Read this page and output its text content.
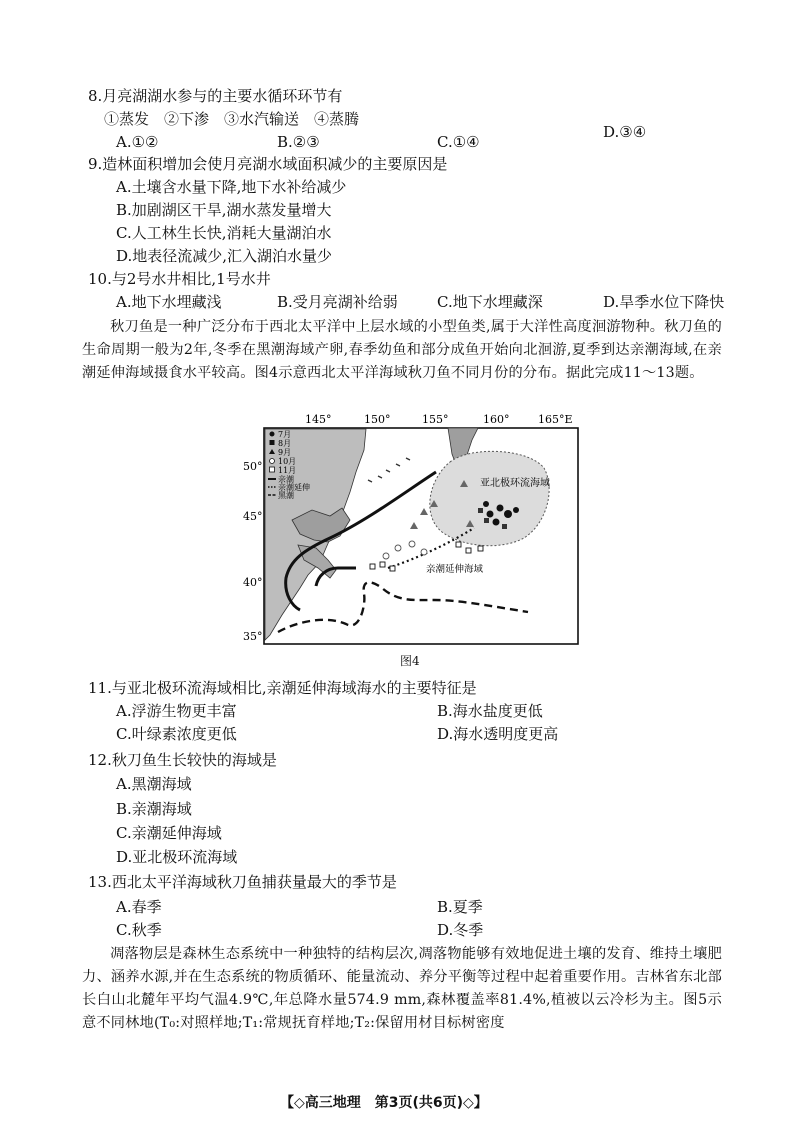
8.月亮湖湖水参与的主要水循环环节有
①蒸发　②下渗　③水汽输送　④蒸腾
A.①②	B.②③	C.①④
D.③④
9.造林面积增加会使月亮湖水域面积减少的主要原因是
A.土壤含水量下降,地下水补给减少
B.加剧湖区干旱,湖水蒸发量增大
C.人工林生长快,消耗大量湖泊水
D.地表径流减少,汇入湖泊水量少
10.与2号水井相比,1号水井
A.地下水埋藏浅	B.受月亮湖补给弱	C.地下水埋藏深	D.旱季水位下降快
秋刀鱼是一种广泛分布于西北太平洋中上层水域的小型鱼类,属于大洋性高度洄游物种。秋刀鱼的生命周期一般为2年,冬季在黑潮海域产卵,春季幼鱼和部分成鱼开始向北洄游,夏季到达亲潮海域,在亲潮延伸海域摄食水平较高。图4示意西北太平洋海域秋刀鱼不同月份的分布。据此完成11～13题。
145°	150°	155°	160°	165°E
50°
45°
40°
35°
亚北极环流海域
亲潮延伸海域
7月
8月
9月
10月
11月
亲潮
亲潮延伸
黑潮
图4
11.与亚北极环流海域相比,亲潮延伸海域海水的主要特征是
A.浮游生物更丰富	B.海水盐度更低
C.叶绿素浓度更低	D.海水透明度更高
12.秋刀鱼生长较快的海域是
A.黑潮海域
B.亲潮海域
C.亲潮延伸海域
D.亚北极环流海域
13.西北太平洋海域秋刀鱼捕获量最大的季节是
A.春季	B.夏季
C.秋季	D.冬季
凋落物层是森林生态系统中一种独特的结构层次,凋落物能够有效地促进土壤的发育、维持土壤肥力、涵养水源,并在生态系统的物质循环、能量流动、养分平衡等过程中起着重要作用。吉林省东北部长白山北麓年平均气温4.9℃,年总降水量574.9 mm,森林覆盖率81.4%,植被以云冷杉为主。图5示意不同林地(T₀:对照样地;T₁:常规抚育样地;T₂:保留用材目标树密度
【◇高三地理　第3页(共6页)◇】
